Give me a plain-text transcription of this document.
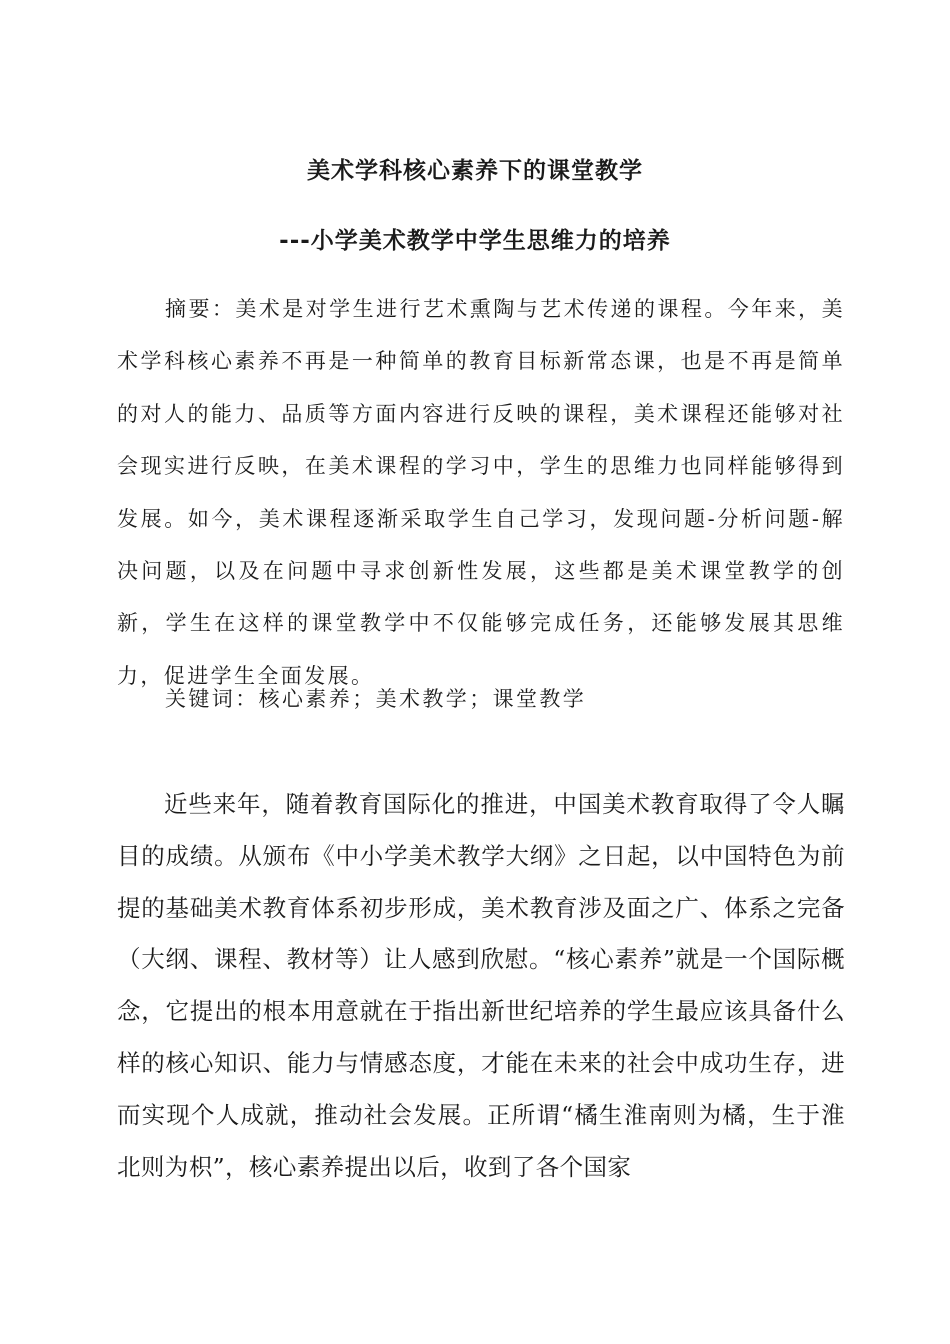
美术学科核心素养下的课堂教学
---小学美术教学中学生思维力的培养

摘要：美术是对学生进行艺术熏陶与艺术传递的课程。今年来，美术学科核心素养不再是一种简单的教育目标新常态课，也是不再是简单的对人的能力、品质等方面内容进行反映的课程，美术课程还能够对社会现实进行反映，在美术课程的学习中，学生的思维力也同样能够得到发展。如今，美术课程逐渐采取学生自己学习，发现问题-分析问题-解决问题，以及在问题中寻求创新性发展，这些都是美术课堂教学的创新，学生在这样的课堂教学中不仅能够完成任务，还能够发展其思维力，促进学生全面发展。

关键词：核心素养；美术教学；课堂教学

近些来年，随着教育国际化的推进，中国美术教育取得了令人瞩目的成绩。从颁布《中小学美术教学大纲》之日起，以中国特色为前提的基础美术教育体系初步形成，美术教育涉及面之广、体系之完备（大纲、课程、教材等）让人感到欣慰。“核心素养”就是一个国际概念，它提出的根本用意就在于指出新世纪培养的学生最应该具备什么样的核心知识、能力与情感态度，才能在未来的社会中成功生存，进而实现个人成就，推动社会发展。正所谓“橘生淮南则为橘，生于淮北则为枳”，核心素养提出以后，收到了各个国家
